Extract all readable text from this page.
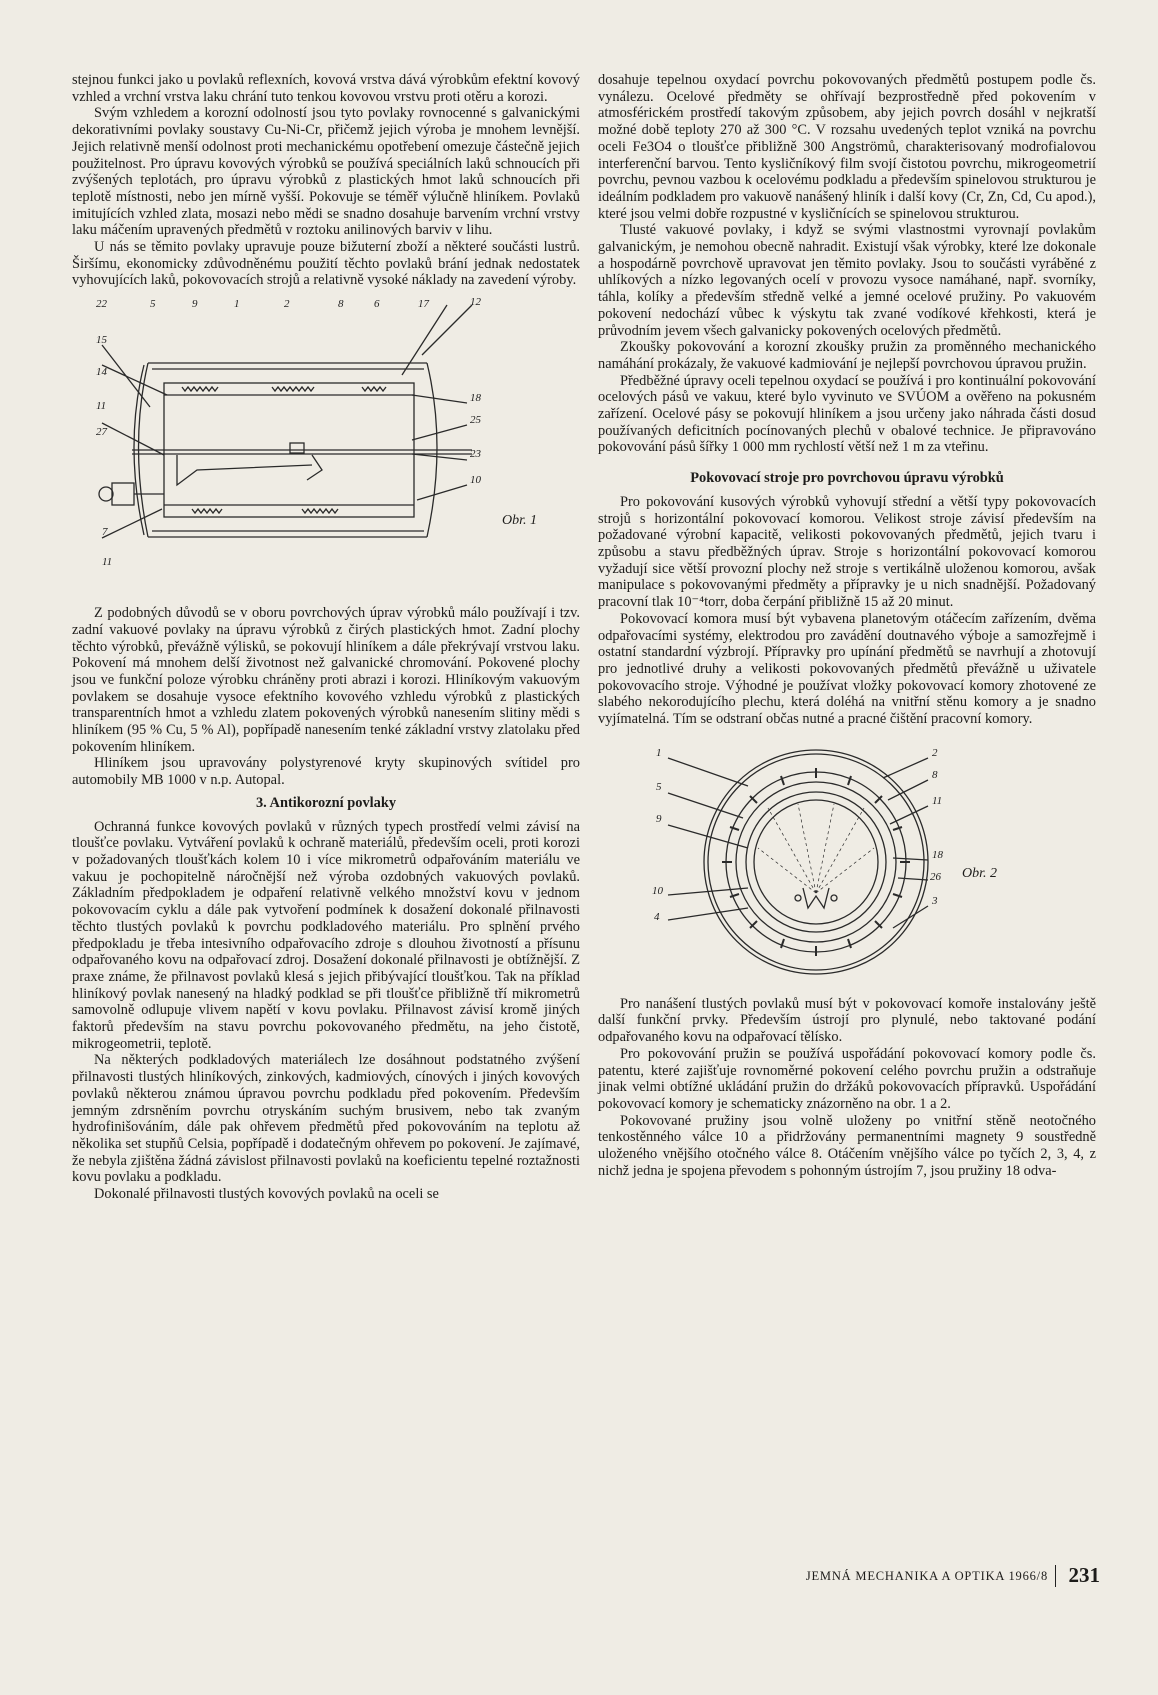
stejnou funkci jako u povlaků reflexních, kovová vrstva dává výrobkům efektní kovový vzhled a vrchní vrstva laku chrání tuto tenkou kovovou vrstvu proti otěru a korozi.

Svým vzhledem a korozní odolností jsou tyto povlaky rovnocenné s galvanickými dekorativními povlaky soustavy Cu-Ni-Cr, přičemž jejich výroba je mnohem levnější. Jejich relativně menší odolnost proti mechanickému opotřebení omezuje částečně jejich použitelnost. Pro úpravu kovových výrobků se používá speciálních laků schnoucích při zvýšených teplotách, pro úpravu výrobků z plastických hmot laků schnoucích při teplotě místnosti, nebo jen mírně vyšší. Pokovuje se téměř výlučně hliníkem. Povlaků imitujících vzhled zlata, mosazi nebo mědi se snadno dosahuje barvením vrchní vrstvy laku máčením upravených předmětů v roztoku anilinových barviv v lihu.

U nás se těmito povlaky upravuje pouze bižuterní zboží a některé součásti lustrů. Širšímu, ekonomicky zdůvodněnému použití těchto povlaků brání jednak nedostatek vyhovujících laků, pokovovacích strojů a relativně vysoké náklady na zavedení výroby.

22	5	9	1	2	8	6	17	12
15
14
11
27
18
25
23
10
7
11
Obr. 1

Z podobných důvodů se v oboru povrchových úprav výrobků málo používají i tzv. zadní vakuové povlaky na úpravu výrobků z čirých plastických hmot. Zadní plochy těchto výrobků, převážně výlisků, se pokovují hliníkem a dále překrývají vrstvou laku. Pokovení má mnohem delší životnost než galvanické chromování. Pokovené plochy jsou ve funkční poloze výrobku chráněny proti abrazi i korozi. Hliníkovým vakuovým povlakem se dosahuje vysoce efektního kovového vzhledu výrobků z plastických transparentních hmot a vzhledu zlatem pokovených výrobků nanesením slitiny mědi s hliníkem (95 % Cu, 5 % Al), popřípadě nanesením tenké základní vrstvy zlatolaku před pokovením hliníkem.

Hliníkem jsou upravovány polystyrenové kryty skupinových svítidel pro automobily MB 1000 v n.p. Autopal.

3. Antikorozní povlaky

Ochranná funkce kovových povlaků v různých typech prostředí velmi závisí na tloušťce povlaku. Vytváření povlaků k ochraně materiálů, především oceli, proti korozi v požadovaných tloušťkách kolem 10 i více mikrometrů odpařováním materiálu ve vakuu je pochopitelně náročnější než výroba ozdobných vakuových povlaků. Základním předpokladem je odpaření relativně velkého množství kovu v jednom pokovovacím cyklu a dále pak vytvoření podmínek k dosažení dokonalé přilnavosti těchto tlustých povlaků k povrchu podkladového materiálu. Pro splnění prvého předpokladu je třeba intesivního odpařovacího zdroje s dlouhou životností a přísunu odpařovaného kovu na odpařovací zdroj. Dosažení dokonalé přilnavosti je obtížnější. Z praxe známe, že přilnavost povlaků klesá s jejich přibývající tloušťkou. Tak na příklad hliníkový povlak nanesený na hladký podklad se při tloušťce přibližně tří mikrometrů samovolně odlupuje vlivem napětí v kovu povlaku. Přilnavost závisí kromě jiných faktorů především na stavu povrchu pokovovaného předmětu, na jeho čistotě, mikrogeometrii, teplotě.

Na některých podkladových materiálech lze dosáhnout podstatného zvýšení přilnavosti tlustých hliníkových, zinkových, kadmiových, cínových i jiných kovových povlaků některou známou úpravou povrchu podkladu před pokovením. Především jemným zdrsněním povrchu otryskáním suchým brusivem, nebo tak zvaným hydrofinišováním, dále pak ohřevem předmětů před pokovováním na teplotu až několika set stupňů Celsia, popřípadě i dodatečným ohřevem po pokovení. Je zajímavé, že nebyla zjištěna žádná závislost přilnavosti povlaků na koeficientu tepelné roztažnosti kovu povlaku a podkladu.

Dokonalé přilnavosti tlustých kovových povlaků na oceli se

dosahuje tepelnou oxydací povrchu pokovovaných předmětů postupem podle čs. vynálezu. Ocelové předměty se ohřívají bezprostředně před pokovením v atmosférickém prostředí takovým způsobem, aby jejich povrch dosáhl v nejkratší možné době teploty 270 až 300 °C. V rozsahu uvedených teplot vzniká na povrchu oceli Fe3O4 o tloušťce přibližně 300 Angströmů, charakterisovaný modrofialovou interferenční barvou. Tento kysličníkový film svojí čistotou povrchu, mikrogeometrií povrchu, pevnou vazbou k ocelovému podkladu a především spinelovou strukturou je ideálním podkladem pro vakuově nanášený hliník i další kovy (Cr, Zn, Cd, Cu apod.), které jsou velmi dobře rozpustné v kysličnících se spinelovou strukturou.

Tlusté vakuové povlaky, i když se svými vlastnostmi vyrovnají povlakům galvanickým, je nemohou obecně nahradit. Existují však výrobky, které lze dokonale a hospodárně povrchově upravovat jen těmito povlaky. Jsou to součásti vyráběné z uhlíkových a nízko legovaných ocelí v provozu vysoce namáhané, např. svorníky, táhla, kolíky a především středně velké a jemné ocelové pružiny. Po vakuovém pokovení nedochází vůbec k výskytu tak zvané vodíkové křehkosti, která je průvodním jevem všech galvanicky pokovených ocelových předmětů.

Zkoušky pokovování a korozní zkoušky pružin za proměnného mechanického namáhání prokázaly, že vakuové kadmiování je nejlepší povrchovou úpravou pružin.

Předběžné úpravy oceli tepelnou oxydací se používá i pro kontinuální pokovování ocelových pásů ve vakuu, které bylo vyvinuto ve SVÚOM a ověřeno na pokusném zařízení. Ocelové pásy se pokovují hliníkem a jsou určeny jako náhrada části dosud používaných deficitních pocínovaných plechů v obalové technice. Je připravováno pokovování pásů šířky 1 000 mm rychlostí větší než 1 m za vteřinu.

Pokovovací stroje pro povrchovou úpravu výrobků

Pro pokovování kusových výrobků vyhovují střední a větší typy pokovovacích strojů s horizontální pokovovací komorou. Velikost stroje závisí především na požadované výrobní kapacitě, velikosti pokovovaných předmětů, jejich tvaru i způsobu a stavu předběžných úprav. Stroje s horizontální pokovovací komorou vyžadují sice větší provozní plochy než stroje s vertikálně uloženou komorou, avšak manipulace s pokovovanými předměty a přípravky je u nich snadnější. Požadovaný pracovní tlak 10⁻⁴torr, doba čerpání přibližně 15 až 20 minut.

Pokovovací komora musí být vybavena planetovým otáčecím zařízením, dvěma odpařovacími systémy, elektrodou pro zavádění doutnavého výboje a samozřejmě i ostatní standardní výzbrojí. Přípravky pro upínání předmětů se navrhují a zhotovují pro jednotlivé druhy a velikosti pokovovaných předmětů převážně u uživatele pokovovacího stroje. Výhodné je používat vložky pokovovací komory zhotovené ze slabého nekorodujícího plechu, která doléhá na vnitřní stěnu komory a je snadno vyjímatelná. Tím se odstraní občas nutné a pracné čištění pracovní komory.

1
5
9
10
4
2
8
11
18
26
3
Obr. 2

Pro nanášení tlustých povlaků musí být v pokovovací komoře instalovány ještě další funkční prvky. Především ústrojí pro plynulé, nebo taktované podání odpařovaného kovu na odpařovací tělísko.

Pro pokovování pružin se používá uspořádání pokovovací komory podle čs. patentu, které zajišťuje rovnoměrné pokovení celého povrchu pružin a odstraňuje jinak velmi obtížné ukládání pružin do držáků pokovovacích přípravků. Uspořádání pokovovací komory je schematicky znázorněno na obr. 1 a 2.

Pokovované pružiny jsou volně uloženy po vnitřní stěně neotočného tenkostěnného válce 10 a přidržovány permanentními magnety 9 soustředně uloženého vnějšího otočného válce 8. Otáčením vnějšího válce po tyčích 2, 3, 4, z nichž jedna je spojena převodem s pohonným ústrojím 7, jsou pružiny 18 odva-

JEMNÁ MECHANIKA A OPTIKA 1966/8 231
